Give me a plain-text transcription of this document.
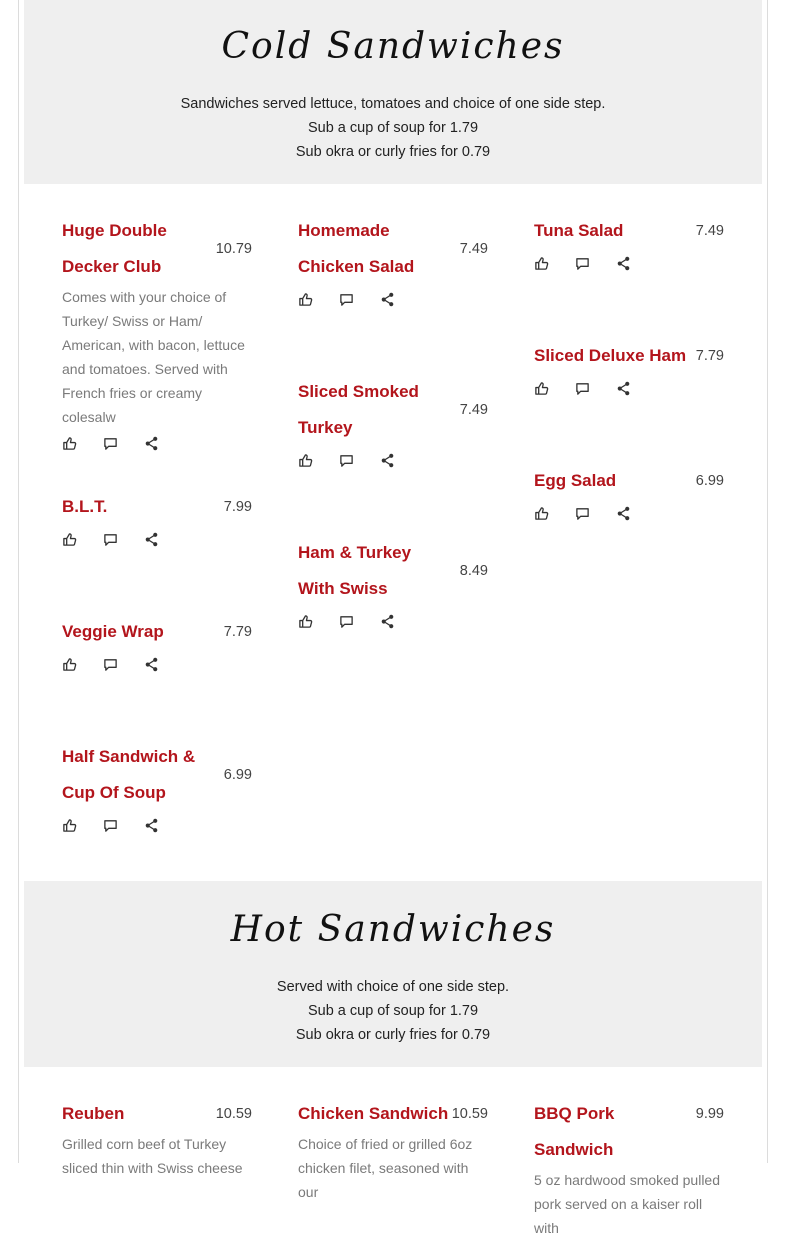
Cold Sandwiches

Sandwiches served lettuce, tomatoes and choice of one side step.

Sub a cup of soup for 1.79

Sub okra or curly fries for 0.79

10.79
Huge Double Decker Club

Comes with your choice of Turkey/ Swiss or Ham/ American, with bacon, lettuce and tomatoes. Served with French fries or creamy colesalw

7.99
B.L.T.
7.79
Veggie Wrap
6.99
Half Sandwich & Cup Of Soup
7.49
Homemade Chicken Salad
7.49
Sliced Smoked Turkey
8.49
Ham & Turkey With Swiss
7.49
Tuna Salad
7.79
Sliced Deluxe Ham
6.99
Egg Salad
Hot Sandwiches

Served with choice of one side step.

Sub a cup of soup for 1.79

Sub okra or curly fries for 0.79

10.59
Reuben

Grilled corn beef ot Turkey sliced thin with Swiss cheese

10.59
Chicken Sandwich

Choice of fried or grilled 6oz chicken filet, seasoned with our

9.99
BBQ Pork Sandwich

5 oz hardwood smoked pulled pork served on a kaiser roll with
